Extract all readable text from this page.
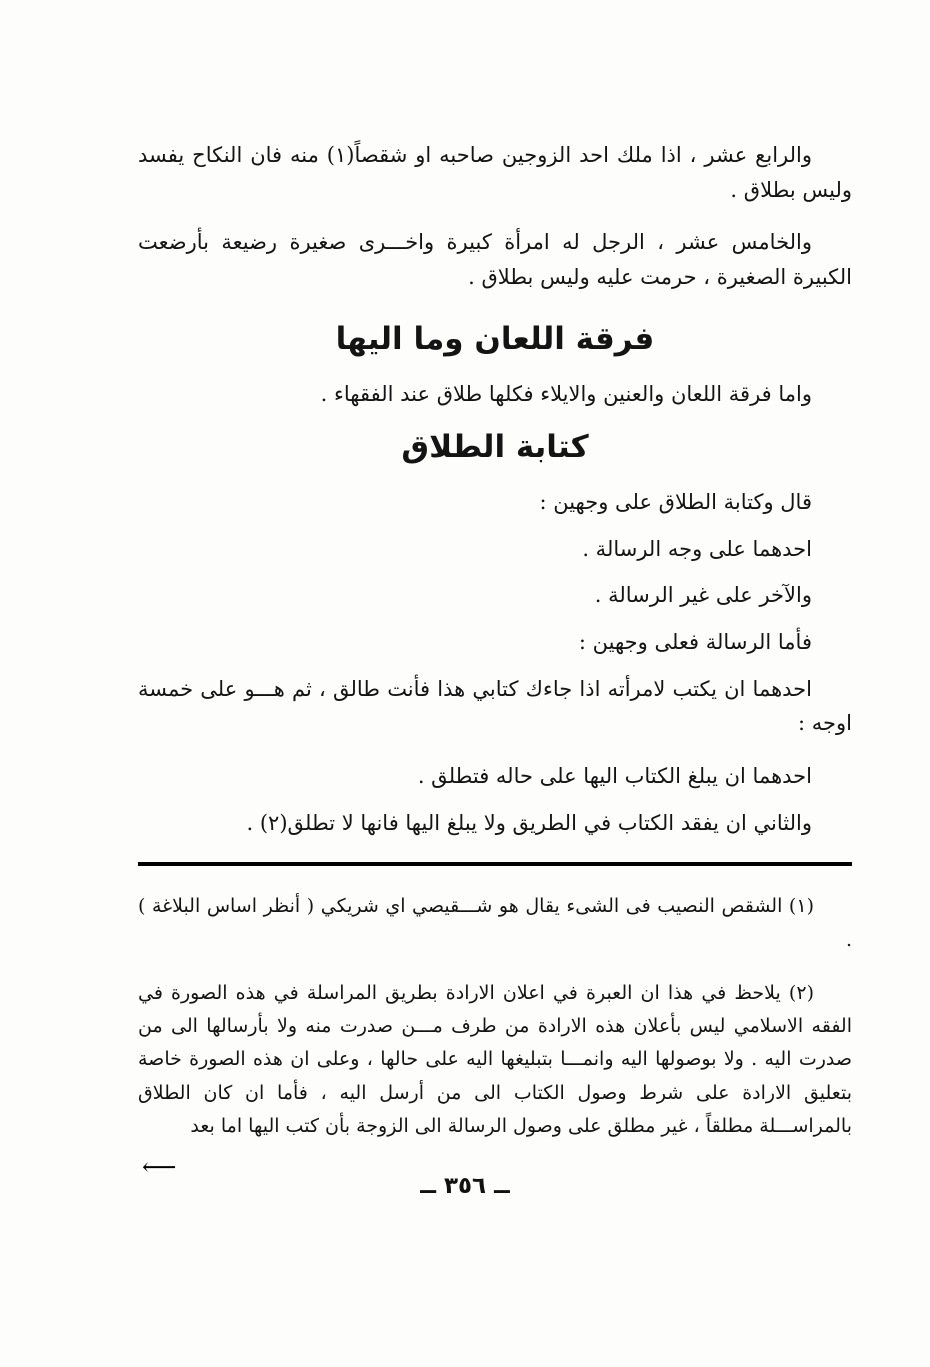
والرابع عشر ، اذا ملك احد الزوجين صاحبه او شقصاً(١) منه فان النكاح يفسد وليس بطلاق .

والخامس عشر ، الرجل له امرأة كبيرة واخـــرى صغيرة رضيعة بأرضعت الكبيرة الصغيرة ، حرمت عليه وليس بطلاق .

فرقة اللعان وما اليها

واما فرقة اللعان والعنين والايلاء فكلها طلاق عند الفقهاء .

كتابة الطلاق

قال وكتابة الطلاق على وجهين :

احدهما على وجه الرسالة .

والآخر على غير الرسالة .

فأما الرسالة فعلى وجهين :

احدهما ان يكتب لامرأته اذا جاءك كتابي هذا فأنت طالق ، ثم هـــو على خمسة اوجه :

احدهما ان يبلغ الكتاب اليها على حاله فتطلق .

والثاني ان يفقد الكتاب في الطريق ولا يبلغ اليها فانها لا تطلق(٢) .

(١) الشقص النصيب فى الشىء يقال هو شـــقيصي اي شريكي ( أنظر اساس البلاغة ) .

(٢) يلاحظ في هذا ان العبرة في اعلان الارادة بطريق المراسلة في هذه الصورة في الفقه الاسلامي ليس بأعلان هذه الارادة من طرف مـــن صدرت منه ولا بأرسالها الى من صدرت اليه . ولا بوصولها اليه وانمـــا بتبليغها اليه على حالها ، وعلى ان هذه الصورة خاصة بتعليق الارادة على شرط وصول الكتاب الى من أرسل اليه ، فأما ان كان الطلاق بالمراســـلة مطلقاً ، غير مطلق على وصول الرسالة الى الزوجة بأن كتب اليها اما بعد

⟵
ــ ٣٥٦ ــ
